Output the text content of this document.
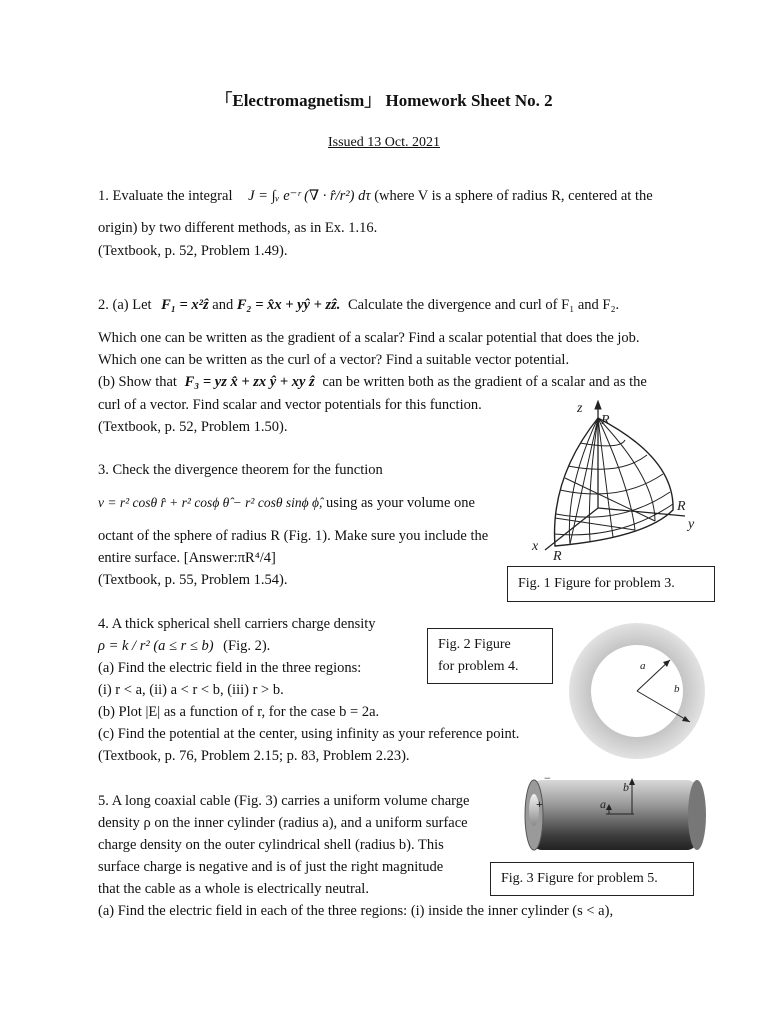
「Electromagnetism」 Homework Sheet No. 2
Issued 13 Oct. 2021
1. Evaluate the integral J = ∫ᵥ e⁻ʳ (∇ · r̂/r²) dτ (where V is a sphere of radius R, centered at the
origin) by two different methods, as in Ex. 1.16.
(Textbook, p. 52, Problem 1.49).
2. (a) Let F₁ = x²ẑ and F₂ = x̂x + yŷ + zẑ. Calculate the divergence and curl of F₁ and F₂.
Which one can be written as the gradient of a scalar? Find a scalar potential that does the job.
Which one can be written as the curl of a vector? Find a suitable vector potential.
(b) Show that F₃ = yz x̂ + zx ŷ + xy ẑ can be written both as the gradient of a scalar and as the
curl of a vector. Find scalar and vector potentials for this function.
(Textbook, p. 52, Problem 1.50).
3. Check the divergence theorem for the function
v = r² cosθ r̂ + r² cosϕ θ̂ − r² cosθ sinϕ ϕ̂, using as your volume one
octant of the sphere of radius R (Fig. 1). Make sure you include the
entire surface. [Answer:πR⁴/4]
(Textbook, p. 55, Problem 1.54).
z
R
R
y
x
R
Fig. 1 Figure for problem 3.
4. A thick spherical shell carriers charge density
ρ = k / r² (a ≤ r ≤ b) (Fig. 2).
(a) Find the electric field in the three regions:
(i) r < a, (ii) a < r < b, (iii) r > b.
(b) Plot |E| as a function of r, for the case b = 2a.
(c) Find the potential at the center, using infinity as your reference point.
(Textbook, p. 76, Problem 2.15; p. 83, Problem 2.23).
Fig. 2 Figure
for problem 4.	a
b
5. A long coaxial cable (Fig. 3) carries a uniform volume charge
density ρ on the inner cylinder (radius a), and a uniform surface
charge density on the outer cylindrical shell (radius b). This
surface charge is negative and is of just the right magnitude
that the cable as a whole is electrically neutral.
(a) Find the electric field in each of the three regions: (i) inside the inner cylinder (s < a),
−
+	a
b
Fig. 3 Figure for problem 5.
